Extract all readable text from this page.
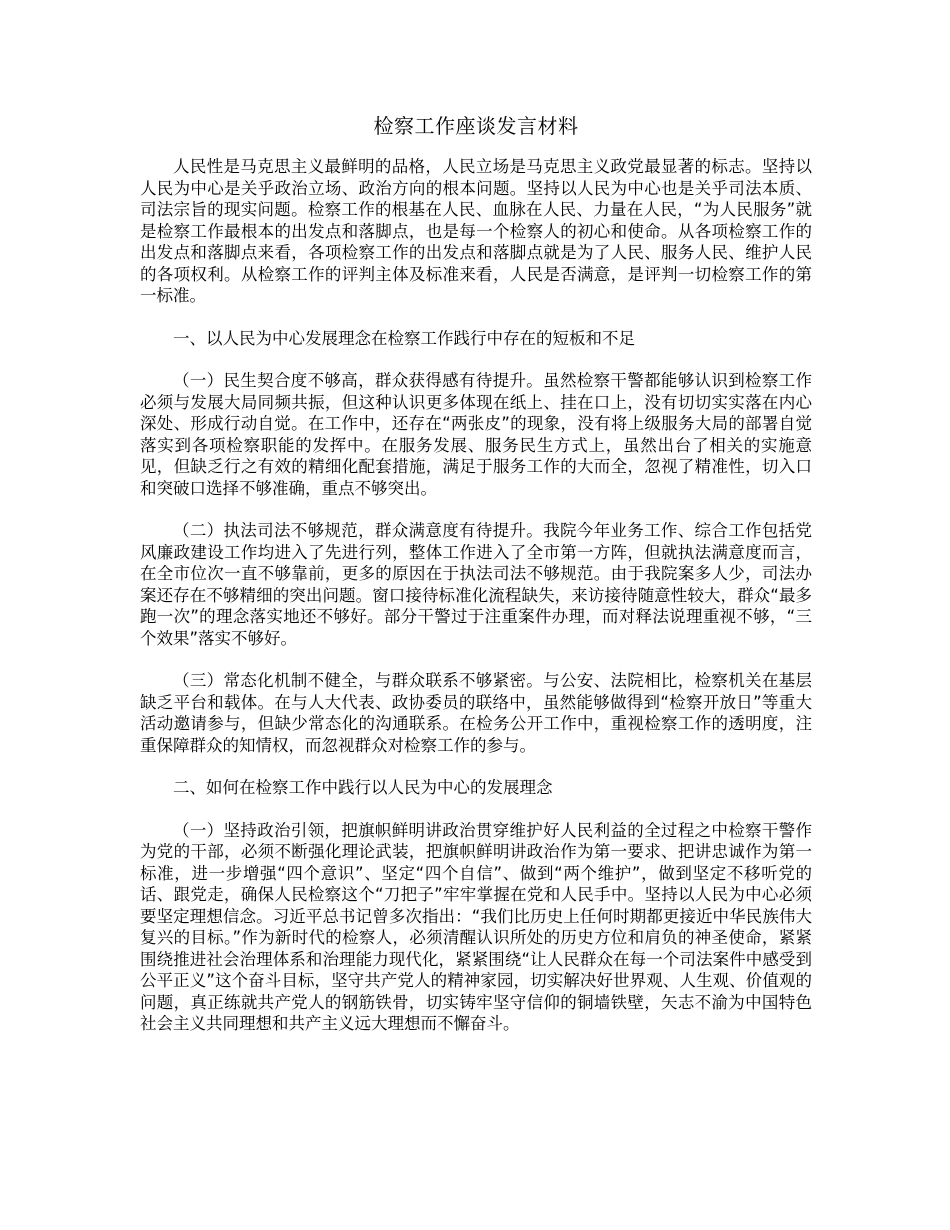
检察工作座谈发言材料

人民性是马克思主义最鲜明的品格，人民立场是马克思主义政党最显著的标志。坚持以人民为中心是关乎政治立场、政治方向的根本问题。坚持以人民为中心也是关乎司法本质、司法宗旨的现实问题。检察工作的根基在人民、血脉在人民、力量在人民，“为人民服务”就是检察工作最根本的出发点和落脚点，也是每一个检察人的初心和使命。从各项检察工作的出发点和落脚点来看，各项检察工作的出发点和落脚点就是为了人民、服务人民、维护人民的各项权利。从检察工作的评判主体及标准来看，人民是否满意，是评判一切检察工作的第一标准。

一、以人民为中心发展理念在检察工作践行中存在的短板和不足

（一）民生契合度不够高，群众获得感有待提升。虽然检察干警都能够认识到检察工作必须与发展大局同频共振，但这种认识更多体现在纸上、挂在口上，没有切切实实落在内心深处、形成行动自觉。在工作中，还存在“两张皮”的现象，没有将上级服务大局的部署自觉落实到各项检察职能的发挥中。在服务发展、服务民生方式上，虽然出台了相关的实施意见，但缺乏行之有效的精细化配套措施，满足于服务工作的大而全，忽视了精准性，切入口和突破口选择不够准确，重点不够突出。

（二）执法司法不够规范，群众满意度有待提升。我院今年业务工作、综合工作包括党风廉政建设工作均进入了先进行列，整体工作进入了全市第一方阵，但就执法满意度而言，在全市位次一直不够靠前，更多的原因在于执法司法不够规范。由于我院案多人少，司法办案还存在不够精细的突出问题。窗口接待标准化流程缺失，来访接待随意性较大，群众“最多跑一次”的理念落实地还不够好。部分干警过于注重案件办理，而对释法说理重视不够，“三个效果”落实不够好。

（三）常态化机制不健全，与群众联系不够紧密。与公安、法院相比，检察机关在基层缺乏平台和载体。在与人大代表、政协委员的联络中，虽然能够做得到“检察开放日”等重大活动邀请参与，但缺少常态化的沟通联系。在检务公开工作中，重视检察工作的透明度，注重保障群众的知情权，而忽视群众对检察工作的参与。

二、如何在检察工作中践行以人民为中心的发展理念

（一）坚持政治引领，把旗帜鲜明讲政治贯穿维护好人民利益的全过程之中检察干警作为党的干部，必须不断强化理论武装，把旗帜鲜明讲政治作为第一要求、把讲忠诚作为第一标准，进一步增强“四个意识”、坚定“四个自信”、做到“两个维护”，做到坚定不移听党的话、跟党走，确保人民检察这个“刀把子”牢牢掌握在党和人民手中。坚持以人民为中心必须要坚定理想信念。习近平总书记曾多次指出：“我们比历史上任何时期都更接近中华民族伟大复兴的目标。”作为新时代的检察人，必须清醒认识所处的历史方位和肩负的神圣使命，紧紧围绕推进社会治理体系和治理能力现代化，紧紧围绕“让人民群众在每一个司法案件中感受到公平正义”这个奋斗目标，坚守共产党人的精神家园，切实解决好世界观、人生观、价值观的问题，真正练就共产党人的钢筋铁骨，切实铸牢坚守信仰的铜墙铁壁，矢志不渝为中国特色社会主义共同理想和共产主义远大理想而不懈奋斗。
